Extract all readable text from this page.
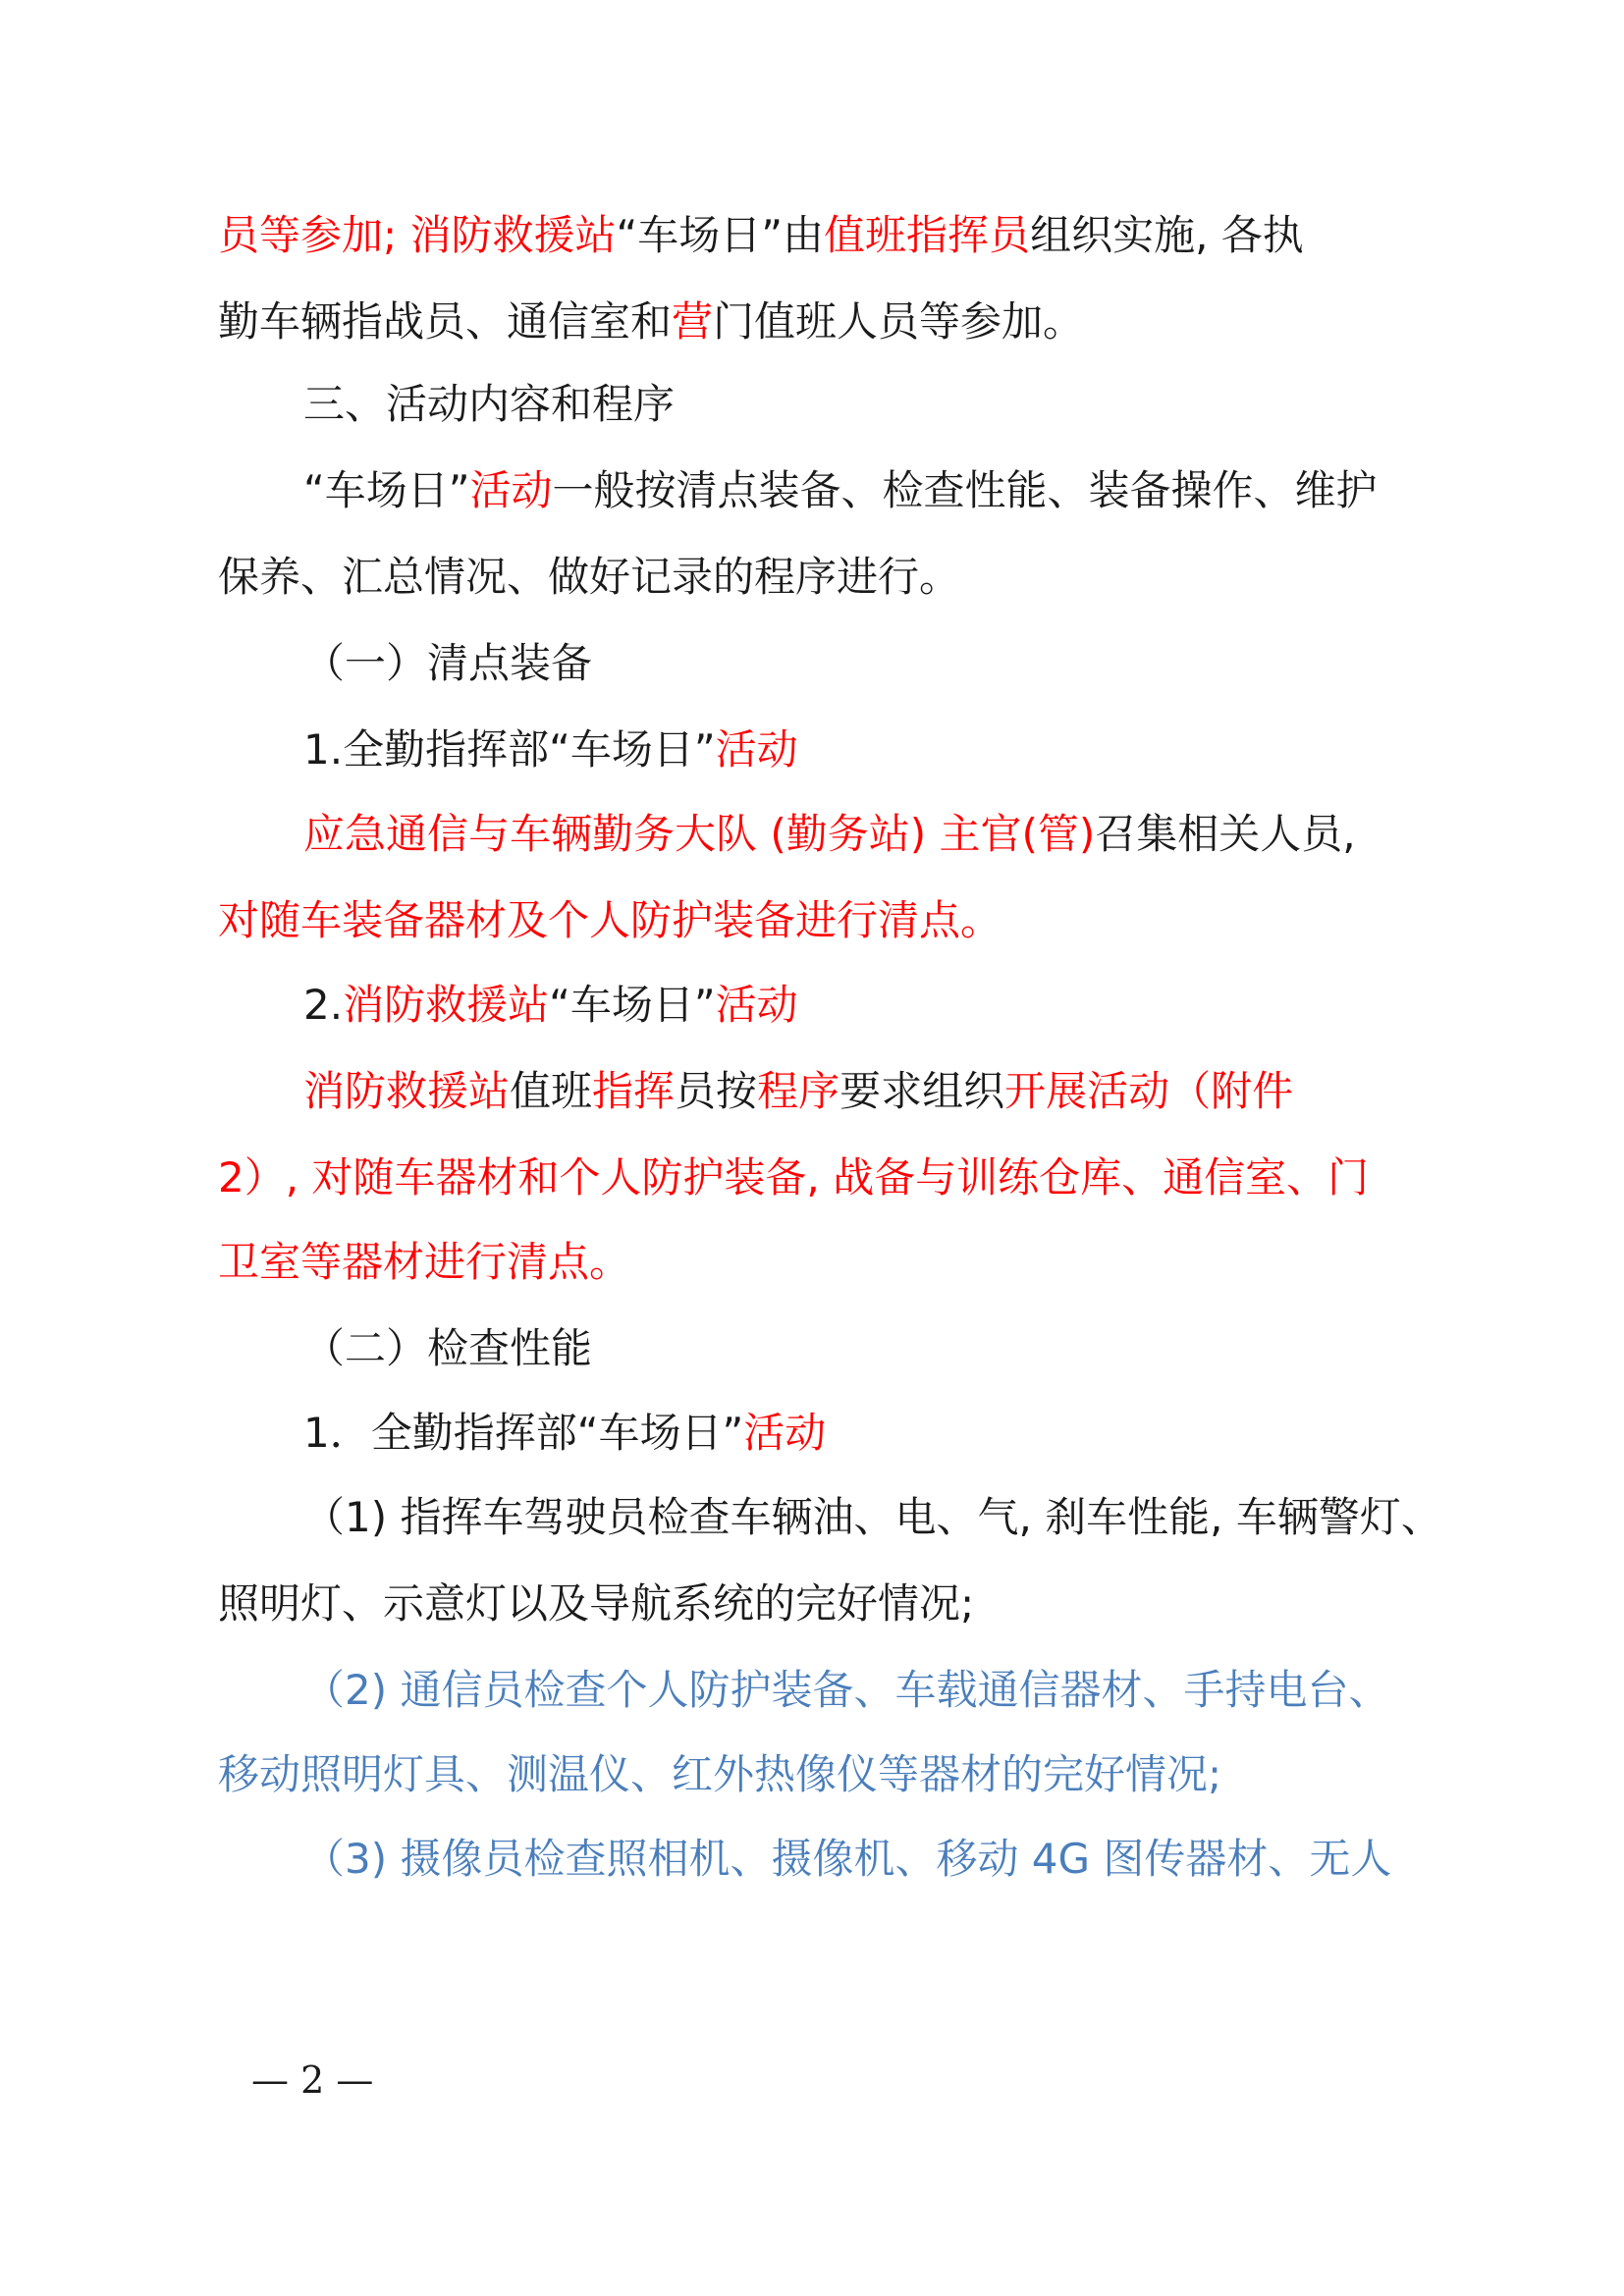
员等参加; 消防救援站“车场日”由值班指挥员组织实施, 各执
勤车辆指战员、通信室和营门值班人员等参加。
三、活动内容和程序
“车场日”活动一般按清点装备、检查性能、装备操作、维护
保养、汇总情况、做好记录的程序进行。
（一）清点装备
1.全勤指挥部“车场日”活动
应急通信与车辆勤务大队 (勤务站) 主官(管)召集相关人员,
对随车装备器材及个人防护装备进行清点。
2.消防救援站“车场日”活动
消防救援站值班指挥员按程序要求组织开展活动（附件
2）, 对随车器材和个人防护装备, 战备与训练仓库、通信室、门
卫室等器材进行清点。
（二）检查性能
1．全勤指挥部“车场日”活动
（1) 指挥车驾驶员检查车辆油、电、气, 刹车性能, 车辆警灯、
照明灯、示意灯以及导航系统的完好情况;
（2) 通信员检查个人防护装备、车载通信器材、手持电台、
移动照明灯具、测温仪、红外热像仪等器材的完好情况;
（3) 摄像员检查照相机、摄像机、移动 4G 图传器材、无人
— 2 —
